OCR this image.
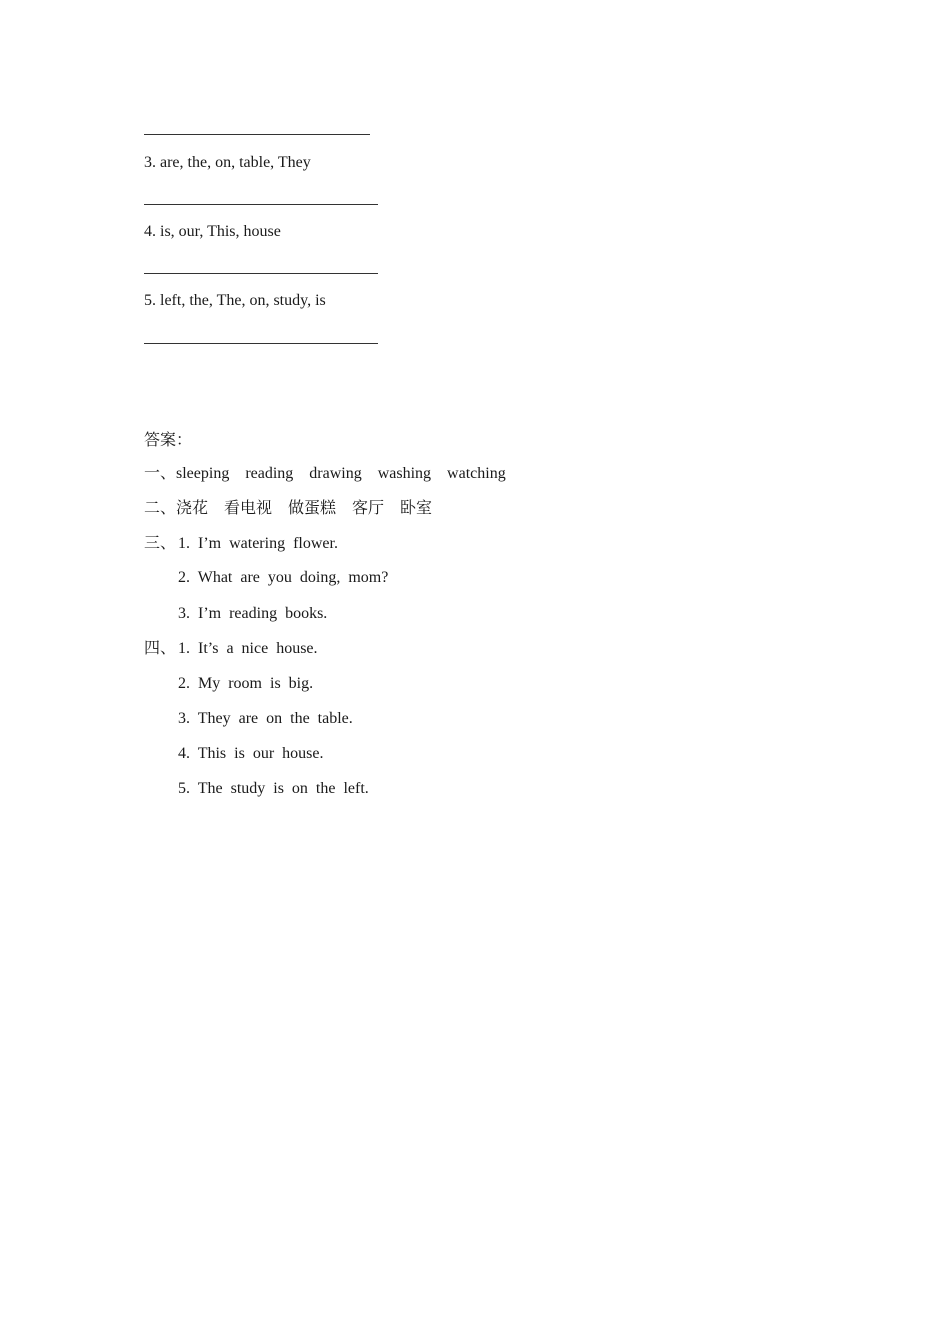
3. are, the, on, table, They
4. is, our, This, house
5. left, the, The, on, study, is
答案：
一、sleeping    reading    drawing    washing    watching
二、浇花    看电视    做蛋糕    客厅    卧室
三、 1.  I’m  watering  flower.
2.  What  are  you  doing,  mom?
3.  I’m  reading  books.
四、 1.  It’s  a  nice  house.
2.  My  room  is  big.
3.  They  are  on  the  table.
4.  This  is  our  house.
5.  The  study  is  on  the  left.
